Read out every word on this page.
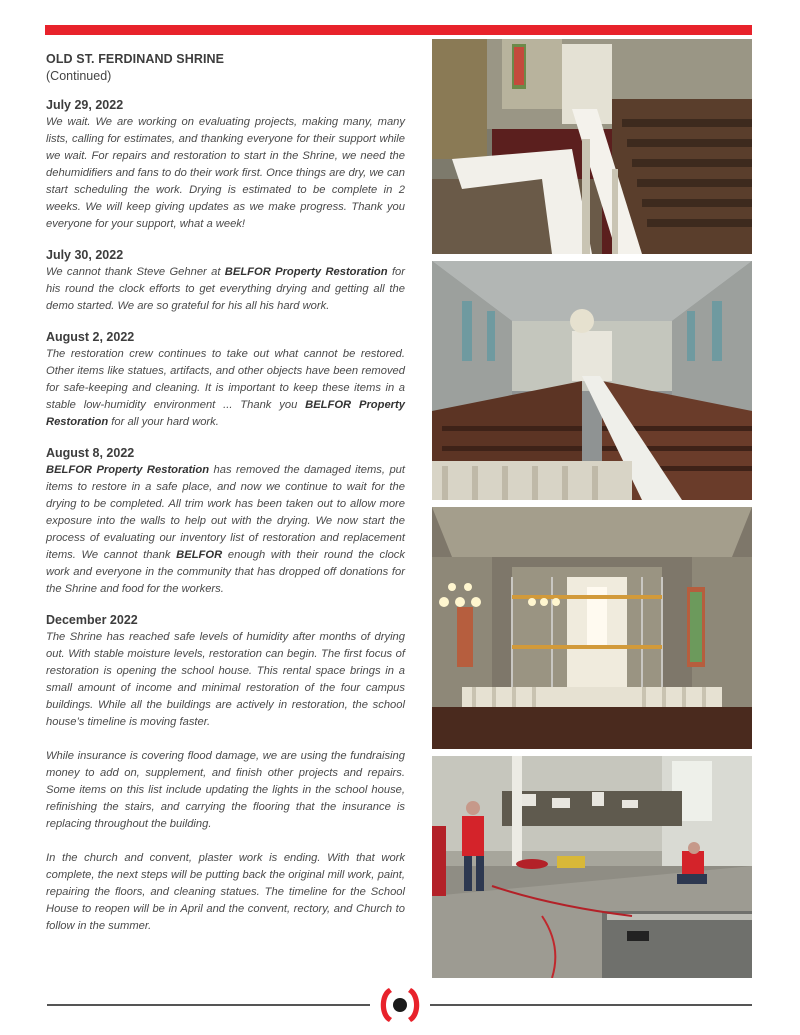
OLD ST. FERDINAND SHRINE
(Continued)
July 29, 2022

We wait. We are working on evaluating projects, making many, many lists, calling for estimates, and thanking everyone for their support while we wait. For repairs and restoration to start in the Shrine, we need the dehumidifiers and fans to do their work first. Once things are dry, we can start scheduling the work. Drying is estimated to be complete in 2 weeks. We will keep giving updates as we make progress. Thank you everyone for your support, what a week!

July 30, 2022

We cannot thank Steve Gehner at BELFOR Property Restoration for his round the clock efforts to get everything drying and getting all the demo started. We are so grateful for his all his hard work.

August 2, 2022

The restoration crew continues to take out what cannot be restored. Other items like statues, artifacts, and other objects have been removed for safe-keeping and cleaning. It is important to keep these items in a stable low-humidity environment ... Thank you BELFOR Property Restoration for all your hard work.

August 8, 2022

BELFOR Property Restoration has removed the damaged items, put items to restore in a safe place, and now we continue to wait for the drying to be completed. All trim work has been taken out to allow more exposure into the walls to help out with the drying. We now start the process of evaluating our inventory list of restoration and replacement items. We cannot thank BELFOR enough with their round the clock work and everyone in the community that has dropped off donations for the Shrine and food for the workers.

December 2022

The Shrine has reached safe levels of humidity after months of drying out. With stable moisture levels, restoration can begin. The first focus of restoration is opening the school house. This rental space brings in a small amount of income and minimal restoration of the four campus buildings. While all the buildings are actively in restoration, the school house’s timeline is moving faster.

While insurance is covering flood damage, we are using the fundraising money to add on, supplement, and finish other projects and repairs. Some items on this list include updating the lights in the school house, refinishing the stairs, and carrying the flooring that the insurance is replacing throughout the building.

In the church and convent, plaster work is ending. With that work complete, the next steps will be putting back the original mill work, paint, repairing the floors, and cleaning statues. The timeline for the School House to reopen will be in April and the convent, rectory, and Church to follow in the summer.
